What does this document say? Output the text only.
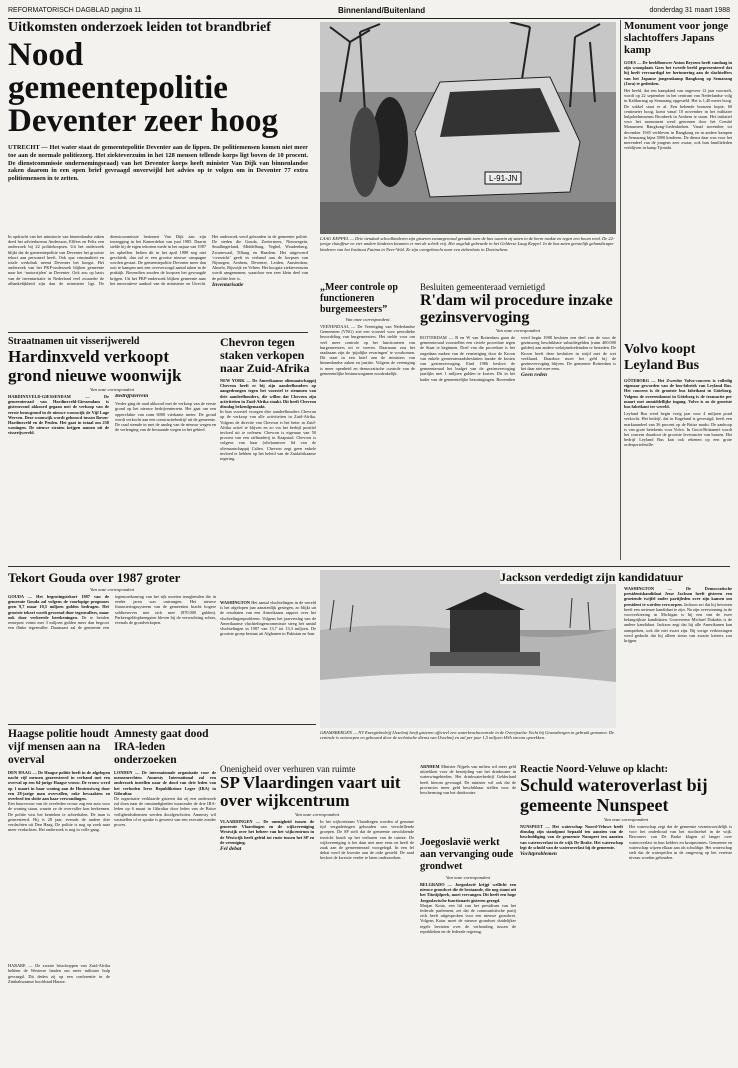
REFORMATORISCH DAGBLAD pagina 11	Binnenland/Buitenland	donderdag 31 maart 1988
Uitkomsten onderzoek leiden tot brandbrief
Nood gemeentepolitie Deventer zeer hoog
UTRECHT — Het water staat de gemeentepolitie Deventer aan de lippen. De politiemensen komen niet meer toe aan de normale politiezorg. Het ziekteverzuim in het 128 mensen tellende korps ligt boven de 10 procent. De dienstcommissie ondernemingsraad) van het Deventer korps heeft minister Van Dijk van binnenlandse zaken daarom in een open brief gevraagd onverwijld het advies op te volgen om in Deventer 77 extra politiemensen in te zetten.
In opdracht van het ministerie van binnenlandse zaken deed het adviesbureau Andersson, Elffers en Felix een onderzoek bij 22 politiekorpsen. Uit het onderzoek blijkt dat de gemeentepolitie van Deventer het grootste tekort aan personeel heeft. Ook qua criminaliteit en totale werkdruk neemt Deventer het hoogst. Het onderzoek van het PKP-onderzoek blijken gemeente naar het ‘motorrijden’ in Deventer. Ook zou op basis van de inventarisatie in Nederland veel zwaarder de afhankelijkheid zijn dan de ministerie ligt. De dienstcommissie herinnert Van Dijk aan zijn toezegging in het Kamerdebat van juni 1985. Daarin stelde hij de eigen tekorten mede in het najaar van 1987 ter opheffen. Indien dit in het april 1988 nog niet geschiedt, dan zal er een grootse nieuwe campagne worden gestart. De gemeentepolitie Deventer meer dan ooit te kampen met een oververzorgd aantal taken in de praktijk. Bovendien zouden de korpsen het gevraagde krijgen. Uit het PKP-onderzoek blijken gemeente naar het innovatieve aanbod van de ministerie en Utrecht. Het onderzoek werd gehouden in de gemeente politie. De steden die Gouda, Zoetermeer, Nieuwegein, Smallingerland, Middelburg, Veghel, Woudenberg, Zwartewaal, Tilburg en Haarlem. Het uitgevoerd ‘overzicht’ geeft in verband aan de korpsen van Nijmegen, Arnhem, Deventer, Leiden, Amsterdam, Almelo, Rijswijk en Velsen. Het hoogste ziekteverzuim wordt aangenomen, waardoor een zeer klein deel van de politie hier is.
Inventarisatie
L-91-JN
LAAG KEPPEL — Drie tiendaal schoolkinderen zijn gisteren zwaargewond geraakt toen de bus waarin zij zaten in de berm raakte en tegen een boom reed. De 22-jarige chauffeur en vier andere kinderen kwamen er met de schrik vrij. Het ongeluk gebeurde in het Gelderse Laag Keppel. In de bus zaten geestelijk gehandicapte kinderen van het Instituut Fatima in Neer-Veld. Ze zijn overgebracht naar een ziekenhuis in Doetinchem.
Monument voor jonge slachtoffers Japans kamp
GOES — De beeldhouwer Anton Beysens heeft vandaag in zijn woonplaats Goes het tweede beeld gepresenteerd dat hij heeft vervaardigd ter herinnering aan de slachtoffers van het Japanse jongenskamp Bangkong op Semarang (Java) te gedenken.
Het beeld, dat een kampkind van ongeveer 12 jaar voorstelt, wordt op 22 september in het centrum van Nederlandse volg in Kaliburang op Semarang opgesteld. Het is 1,40 meter hoog. De sokkel staat er al. Een bekende bronzen kopie, 60 centimeter hoog, komt vanaf 10 november in het militaire hulpdoelmuseum Bronbeek in Arnhem te staan. Het initiatief voor het monument werd genomen door het Comité Monument Bangkong-Gedenkteken. Vanaf november tot december 1945 verbleven in Bangkong en in andere kampen in Semarang bijna 5000 kinderen. De dienst daar was voor het merendeel van de jongens zeer zwaar, ook hun familieleden verblijven in kamp Tjimahi.
Volvo koopt Leyland Bus
GÖTEBORG — Het Zweedse Volvo-concern is volledig eigenaar geworden van de bus-fabriek van Leyland Bus. Het concern is de grootste bus fabrikant in Göteborg. Volgens de overeenkomst in Göteborg is de transactie per maart met onmiddellijke ingang. Volvo is zo de grootste bus fabrikant ter wereld.
Leyland Bus werd begin vorig jaar voor 4 miljoen pond verkocht. Het bedrijf, dat in Engeland is gevestigd, heeft een marktaandeel van 36 procent op de Britse markt. De aankoop is van grote betekenis voor Volvo. In Groot-Brittannië wordt het concern daardoor de grootste leverancier van bussen. Het bedrijf Leyland Bus kan ook rekenen op een grote orderportefeuille.
„Meer controle op functioneren burgemeesters”
Van onze correspondent
VEENENDAAL — De Vereniging van Nederlandse Gemeenten (VNG) ziet een voorstel voor periodieke beoordeling van burgemeesters. Het stelde voor om veel meer controle op het functioneren van burgemeesters uit te voeren. Daarnaast zou het raadzaam zijn de ‘pijnlijke ervaringen’ te voorkomen. Dit staat in een brief aan de ministers van binnenlandse zaken en justitie. Volgens de vereniging is meer openheid en democratische controle van de gemeentelijke bestuursorganen noodzakelijk.
Besluiten gemeenteraad vernietigd
R'dam wil procedure inzake gezinsvervoging
Van onze correspondent
ROTTERDAM — B en W van Rotterdam gaan de gemeenteraad voorstellen een civiele procedure tegen de Staat te beginnen. Doel van die procedure is het ongedaan maken van de vernietiging door de Kroon van enkele gemeenteraadsbesluiten inzake de kosten van gezinsvervoging. Eind 1986 besloot de gemeenteraad het budget van de gezinsvervoging jaarlijks met 1 miljoen gulden te korten. Dit in het kader van de gemeentelijke bezuinigingen. Bovendien werd begin 1988 besloten een deel van de voor de gezinszorg beschikbare subsidiegelden (ruim 400.000 gulden) aan andere welzijnsdoeleinden te besteden. De Kroon heeft deze besluiten in strijd met de wet verklaard. Daardoor moet het geld bij de gezinsvervoging blijven. De gemeente Rotterdam is het daar niet mee eens.
Geen reden
Straatnamen uit visserijwereld
Hardinxveld verkoopt grond nieuwe woonwijk
Van onze correspondent
HARDINXVELD-GIESSENDAM	— De gemeenteraad van Hardinxveld-Giessendam is gisteravond akkoord gegaan met de verkoop van de eerste bouwgrond in de nieuwe woonwijk de Vijf Lage Werven. Deze woonwijk wordt gebouwd tussen Boven-Hardinxveld en de Peulen. Het gaat in totaal om 250 woningen. De nieuwe straten krijgen namen uit de visserijwereld.
Bedrijfsterrein
Verder ging de raad akkoord met de verkoop van de eerste grond op het nieuwe bedrijventerrein. Het gaat om een oppervlakte van ruim 6000 vierkante meter. De grond wordt verkocht aan een constructiebedrijf uit de gemeente. De raad stemde in met de aanleg van de nieuwe wegen en de verlenging van de bestaande wegen in het gebied.
Chevron tegen staken verkopen naar Zuid-Afrika
NEW YORK — De Amerikaanse oliemaatschappij Chevron heeft er bij zijn aandeelhouders op aangedrongen tegen het voorstel te stemmen van drie aandeelhouders, die willen dat Chevron zijn activiteiten in Zuid-Afrika staakt. Dit heeft Chevron dinsdag bekendgemaakt.
In hun voorstel vroegen drie aandeelhouders Chevron op de verkoop van alle activiteiten in Zuid-Afrika. Volgens de directie van Chevron is het beter in Zuid-Afrika actief te blijven en zo via het bedrijf positief invloed uit te oefenen. Chevron is eigenaar van 50 procent van een raffinaderij in Kaapstad. Chevron is volgens van haar (olie)aanvoer lid van de oliemaatschappij Caltex. Chevron zegt geen enkele invloed te hebben op het beleid van de Zuidafrikaanse regering.
Tekort Gouda over 1987 groter
Van onze correspondent
GOUDA — Het begrotingstekort 1987 van de gemeente Gouda zal volgens de voorlopige prognoses geen 9,7 maar 10,5 miljoen gulden bedragen. Het grootste tekort wordt gevormd door tegenvallers, maar ook door verkeerde berekeningen. De te betalen rentepost vormt met 3 miljoen gulden meer dan begroot een flinke tegenvaller. Daarnaast zal de gemeente een tegemoetkoming van het rijk moeten terugbetalen die in eerder jaren was ontvangen. Het nieuwe financieringssysteem van de gemeenten bracht hogere saldireserves met zich mee (870.000 gulden). Parkeergeldopbrengsten bleven bij de verwachting achter, evenals de grondverkopen.
WASHINGTON Het aantal vluchtelingen in de wereld is het afgelopen jaar aanzienlijk gestegen, zo blijkt uit de resultaten van een Amerikaans rapport over het vluchtelingenprobleem. Volgens het jaarverslag van de Amerikaanse vluchtelingencommissie steeg het aantal vluchtelingen in 1987 van 13,7 tot 13,3 miljoen. De grootste groep bestaat uit Afghanen in Pakistan en Iran.
GRAMSBERGEN — NV Energiebedrijf IJsselmij heeft gisteren officieel een waterkrachtcentrale in de Overijsselse Vecht bij Gramsbergen in gebruik genomen. De centrale is ontworpen en gebouwd door de technische dienst van IJsselmij en zal per jaar 1,5 miljoen kWh stroom opwekken.
Jackson verdedigt zijn kandidatuur
WASHINGTON — De Democratische presidentskandidaat Jesse Jackson heeft gisteren een groeiende twijfel onder partijleden over zijn kansen om president te worden verworpen. Jackson zei dat hij bewezen heeft een serieuze kandidaat te zijn. Na zijn overwinning in de voorverkiezing in Michigan is hij een van de twee belangrijkste kandidaten. Gouverneur Michael Dukakis is de andere kandidaat. Jackson zegt dat hij alle Amerikanen kan aanspreken, ook die niet zwart zijn. Bij vorige verkiezingen werd gedacht dat hij alleen steun van zwarte kiezers zou krijgen.
Haagse politie houdt vijf mensen aan na overval
DEN HAAG — De Haagse politie heeft in de afgelopen nacht vijf mensen gearresteerd in verband met een overval op een 64-jarige Haagse vrouw. De vrouw werd op 1 maart in haar woning aan de Houtrustweg door een 28-jarige man overvallen, rake bewaakten en overleed ten slotte aan haar verwondingen.
Een buurvrouw van de overleden vrouw zag een auto voor de woning staan, waarin ze de overvaller kon herkennen. De politie wist het kenteken te achterhalen. De man is gearresteerd. Hij is 28 jaar, evenals de andere drie verdachten uit Den Haag. De politie is nog op zoek naar meer verdachten. Het onderzoek is nog in volle gang.
HARARE — De zwarte bisschoppen van Zuid-Afrika hebben de Westerse landen om meer militaire hulp gevraagd. Dit deden zij op een conferentie in de Zimbabwaanse hoofdstad Harare.
Amnesty gaat dood IRA-leden onderzoeken
LONDEN — De internationale organisatie voor de mensenrechten Amnesty International zal een onderzoek instellen naar de dood van drie leden van het verboden Ierse Republikeinse Leger (IRA) in Gibraltar.
De organisatie verklaarde gisteren dat zij een onderzoek zal doen naar de omstandigheden waaronder de drie IRA-leden op 6 maart in Gibraltar door leden van de Britse veiligheidsdiensten werden doodgeschoten. Amnesty wil vaststellen of er sprake is geweest van een executie zonder proces.
Onenigheid over verhuren van ruimte
SP Vlaardingen vaart uit over wijkcentrum
Van onze correspondent
VLAARDINGEN — De onenigheid tussen de gemeente Vlaardingen en de wijkvereniging Westwijk over het beheer van het wijkcentrum in de Westwijk heeft geleid tot ruzie tussen het SP en de vereniging.
Fel debat
In het wijkcentrum Vlaardingen worden al geruime tijd vergaderingen gehouden van verschillende groepen. De SP stelt dat de gemeente onvoldoende toezicht houdt op het verhuren van de ruimte. De wijkvereniging is het daar niet mee eens en heeft de zaak aan de gemeenteraad voorgelegd. In een fel debat werd de kwestie aan de orde gesteld. De raad besloot de kwestie verder te laten onderzoeken.
ARNHEM Minister Nijpels van milieu wil meer geld uittrekken voor de bestrijding van het drinkwater in waterwingebieden. Het drinkwaterbedrijf Gelderland heeft hierom gevraagd. De minister wil ook dat de provincies meer geld beschikbaar stellen voor de bescherming van het drinkwater.
Joegoslavië werkt aan vervanging oude grondwet
Van onze correspondent
BELGRADO — Joegoslavië krijgt wellicht een nieuwe grondwet die de bestaande, die nog stamt uit het Titotijdperk, moet vervangen. Dit heeft een hoge Joegoslavische functionaris gisteren gezegd.
Marjan Kotar, een lid van het presidium van het federale parlement, zei dat de communistische partij zich heeft uitgesproken voor een nieuwe grondwet. Volgens Kotar moet de nieuwe grondwet duidelijker regels bevatten over de verhouding tussen de republieken en de federale regering.
Reactie Noord-Veluwe op klacht:
Schuld wateroverlast bij gemeente Nunspeet
Van onze correspondent
NUNSPEET — Het waterschap Noord-Veluwe heeft dinsdag zijn standpunt bepaald ten aanzien van de beschuldiging van de gemeente Nunspeet ten aanzien van wateroverlast in de wijk De Brake. Het waterschap legt de schuld van de wateroverlast bij de gemeente.
Vochtproblemen
Het waterschap zegt dat de gemeente verantwoordelijk is voor het onderhoud van het rioolstelsel in de wijk. Bewoners van De Brake klagen al langer over wateroverlast in hun kelders en kruipruimtes. Gemeente en waterschap wijzen elkaar aan als schuldige. Het waterschap stelt dat de waterpeilen in de omgeving op het vereiste niveau worden gehouden.
